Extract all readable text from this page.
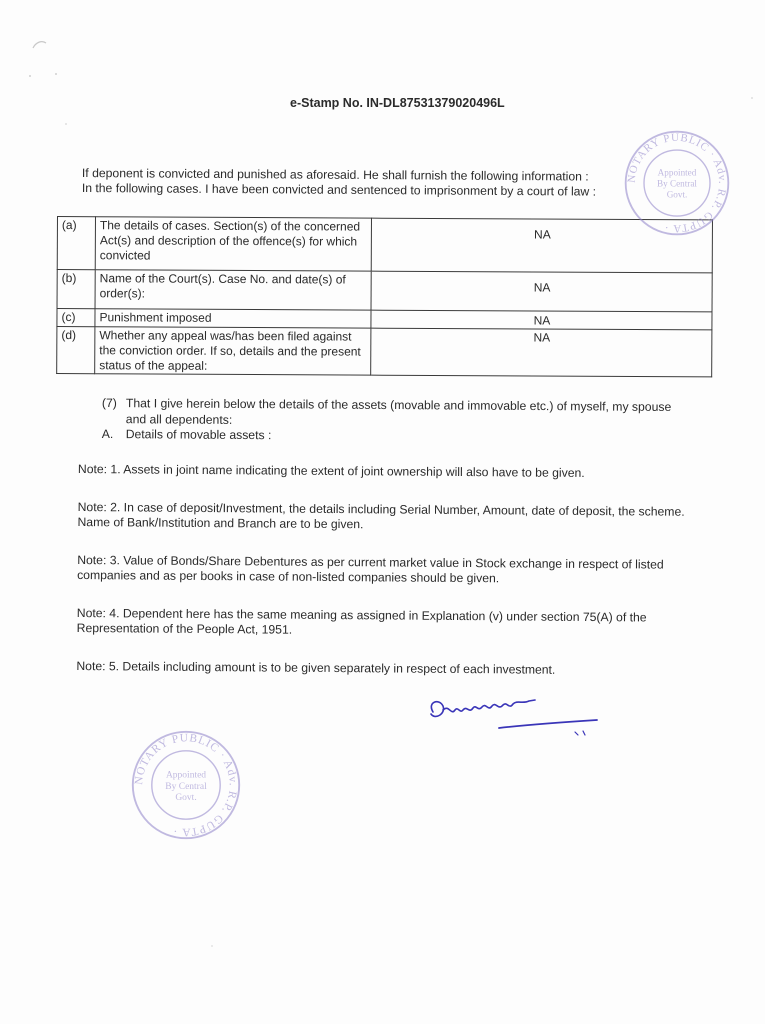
e-Stamp No. IN-DL87531379020496L

If deponent is convicted and punished as aforesaid. He shall furnish the following information :

In the following cases. I have been convicted and sentenced to imprisonment by a court of law :

(a)	The details of cases. Section(s) of the concerned Act(s) and description of the offence(s) for which convicted	NA
(b)	Name of the Court(s). Case No. and date(s) of order(s):	NA
(c)	Punishment imposed	NA
(d)	Whether any appeal was/has been filed against the conviction order. If so, details and the present status of the appeal:	NA
(7) That I give herein below the details of the assets (movable and immovable etc.) of myself, my spouse and all dependents:
A.	Details of movable assets :

Note: 1. Assets in joint name indicating the extent of joint ownership will also have to be given.

Note: 2. In case of deposit/Investment, the details including Serial Number, Amount, date of deposit, the scheme. Name of Bank/Institution and Branch are to be given.

Note: 3. Value of Bonds/Share Debentures as per current market value in Stock exchange in respect of listed companies and as per books in case of non-listed companies should be given.

Note: 4. Dependent here has the same meaning as assigned in Explanation (v) under section 75(A) of the Representation of the People Act, 1951.

Note: 5. Details including amount is to be given separately in respect of each investment.

NOTARY PUBLIC · Adv. R.P. GUPTA ·
Appointed
By Central
Govt.
NOTARY PUBLIC · Adv. R.P. GUPTA ·
Appointed
By Central
Govt.
